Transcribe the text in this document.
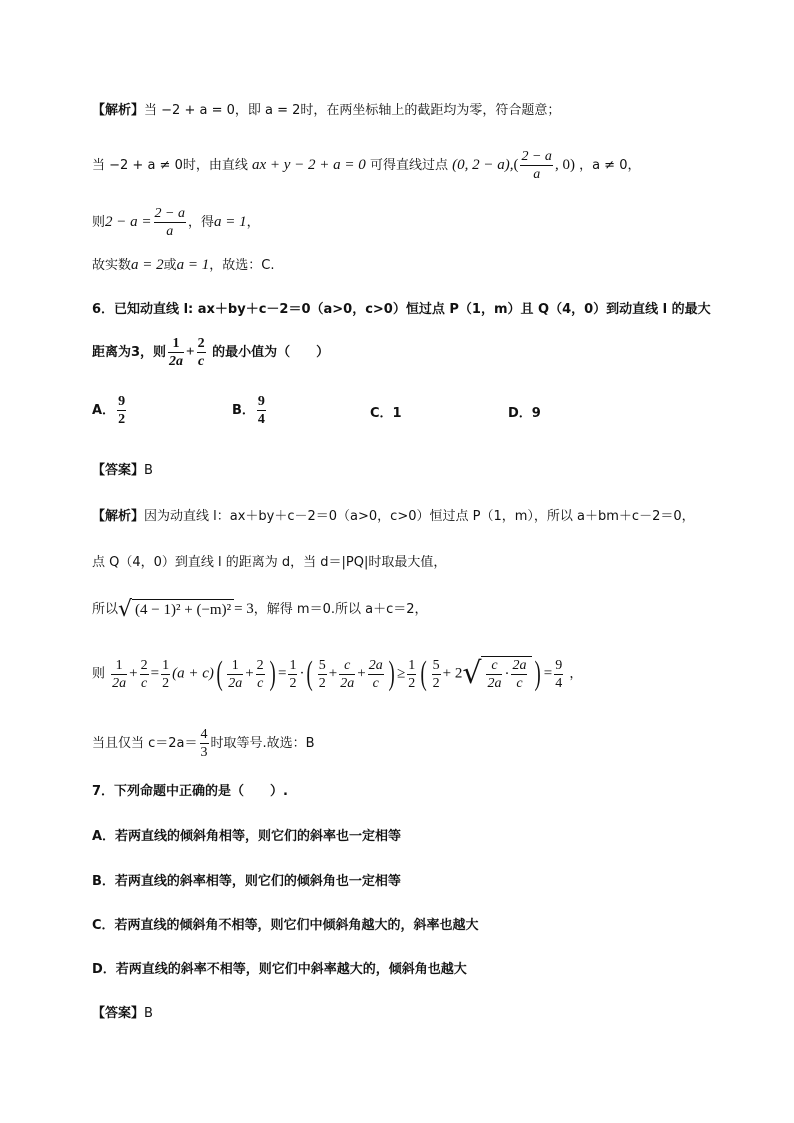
【解析】当 −2 + a = 0，即 a = 2时，在两坐标轴上的截距均为零，符合题意；
当 −2 + a ≠ 0时，由直线 ax + y − 2 + a = 0 可得直线过点 (0, $2 - a),( \frac{2 - a}{a}$ , 0) ，a ≠ 0，
则$2 - a = \frac{2 - a}{a}$ ，得a = 1，
故实数a = 2或a = 1，故选：C.
6．已知动直线 l: ax＋by＋c－2＝0（a>0，c>0）恒过点 P（1，m）且 Q（4，0）到动直线 l 的最大
距离为3，则 $\frac{1}{2a} + \frac{2}{c}$ 的最小值为（　　）
A． $\frac{9}{2}$	B． $\frac{9}{4}$	C．1	D．9
【答案】B
【解析】因为动直线 l：ax＋by＋c－2＝0（a>0，c>0）恒过点 P（1，m），所以 a＋bm＋c－2＝0，
点 Q（4，0）到直线 l 的距离为 d，当 d＝|PQ|时取最大值，
所以√ (4 − 1)² + (−m)² = 3，解得 m＝0.所以 a＋c＝2，
则 $\frac{1}{2a} + \frac{2}{c} = \frac{1}{2} (a + c)( \frac{1}{2a} + \frac{2}{c}$ ) = $\frac{1}{2}$ ·( $\frac{5}{2} + \frac{c}{2a} + \frac{2a}{c}$ ) ≥ $\frac{1}{2}$ ( $\frac{5}{2} + 2√ \frac{c}{2a} \cdot \frac{2a}{c}$ ) = $\frac{9}{4}$ ，
当且仅当 $c=2a= \frac{4}{3}$ 时取等号.故选：B
7．下列命题中正确的是（　　）.
A．若两直线的倾斜角相等，则它们的斜率也一定相等
B．若两直线的斜率相等，则它们的倾斜角也一定相等
C．若两直线的倾斜角不相等，则它们中倾斜角越大的，斜率也越大
D．若两直线的斜率不相等，则它们中斜率越大的，倾斜角也越大
【答案】B
